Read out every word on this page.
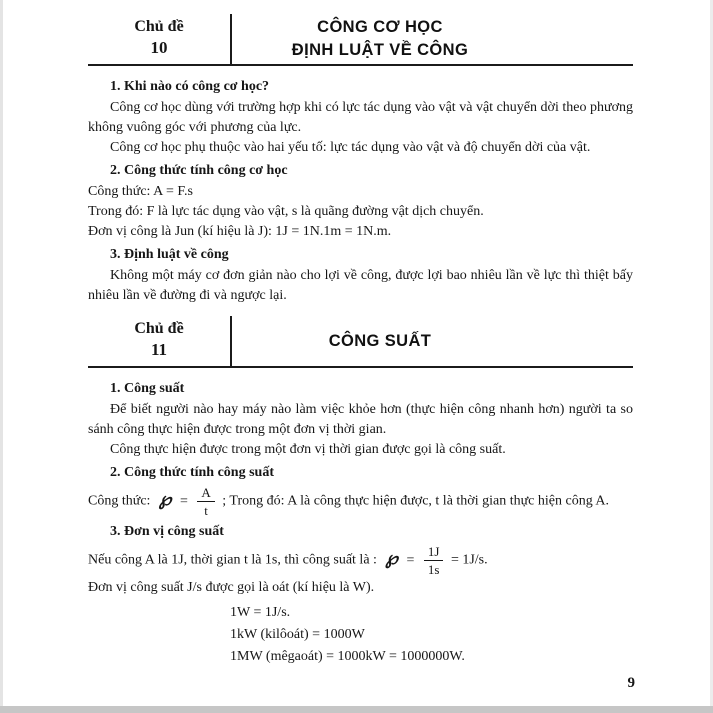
Chủ đề
10
CÔNG CƠ HỌC
ĐỊNH LUẬT VỀ CÔNG
1. Khi nào có công cơ học?
Công cơ học dùng với trường hợp khi có lực tác dụng vào vật và vật chuyển dời theo phương không vuông góc với phương của lực.
Công cơ học phụ thuộc vào hai yếu tố: lực tác dụng vào vật và độ chuyển dời của vật.
2. Công thức tính công cơ học
Công thức: A = F.s
Trong đó: F là lực tác dụng vào vật, s là quãng đường vật dịch chuyển.
Đơn vị công là Jun (kí hiệu là J): 1J = 1N.1m = 1N.m.
3. Định luật về công
Không một máy cơ đơn giản nào cho lợi về công, được lợi bao nhiêu lần về lực thì thiệt bấy nhiêu lần về đường đi và ngược lại.
Chủ đề
11	CÔNG SUẤT
1. Công suất
Để biết người nào hay máy nào làm việc khỏe hơn (thực hiện công nhanh hơn) người ta so sánh công thực hiện được trong một đơn vị thời gian.
Công thực hiện được trong một đơn vị thời gian được gọi là công suất.
2. Công thức tính công suất
Công thức: ℘ = $\frac{A}{t}$ ; Trong đó: A là công thực hiện được, t là thời gian thực hiện công A.
3. Đơn vị công suất
Nếu công A là 1J, thời gian t là 1s, thì công suất là : ℘ = $\frac{1J}{1s} = 1J/s$.
Đơn vị công suất J/s được gọi là oát (kí hiệu là W).
1W = 1J/s.
1kW (kilôoát) = 1000W
1MW (mêgaoát) = 1000kW = 1000000W.
9
